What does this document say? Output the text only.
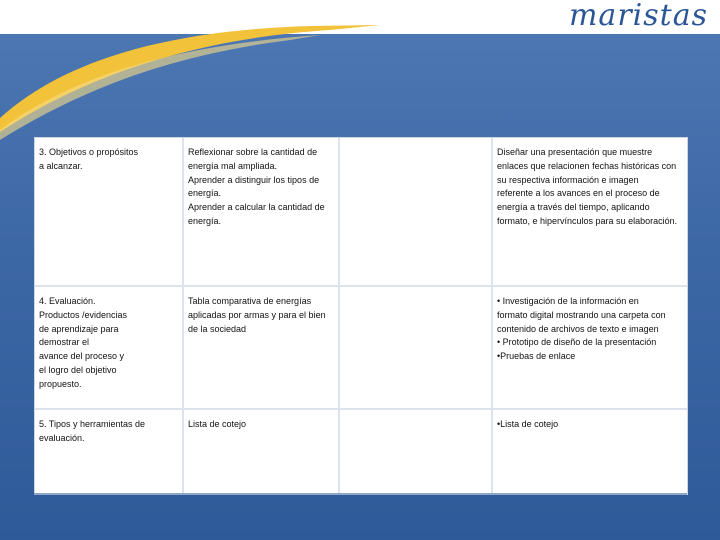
maristas
3. Objetivos o propósitos
a alcanzar.
Reflexionar sobre la cantidad de
energía mal ampliada.
Aprender a distinguir los tipos de
energía.
Aprender a calcular la cantidad de
energía.
Diseñar una presentación que muestre
enlaces que relacionen fechas históricas con
su respectiva información e imagen
referente a los avances en el proceso de
energía a través del tiempo, aplicando
formato, e hipervínculos para su elaboración.
4. Evaluación.
Productos /evidencias
de aprendizaje para
demostrar el
avance del proceso y
el logro del objetivo
propuesto.
Tabla comparativa de energías
aplicadas por armas y para el bien
de la sociedad
• Investigación de la información en
formato digital mostrando una carpeta con
contenido de archivos de texto e imagen
• Prototipo de diseño de la presentación
•Pruebas de enlace
5. Tipos y herramientas de
evaluación.
Lista de cotejo	•Lista de cotejo
